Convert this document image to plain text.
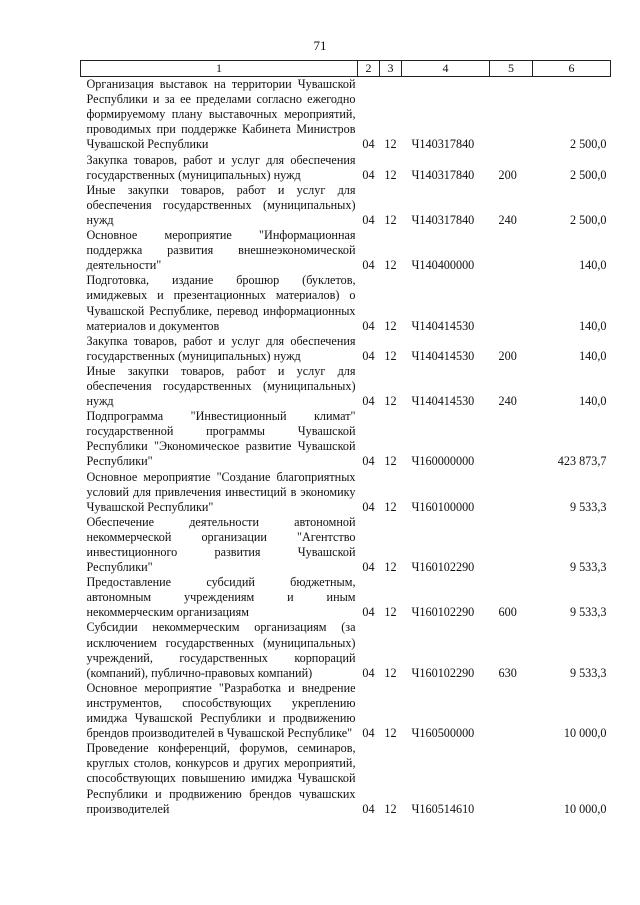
71
1	2	3	4	5	6
Организация выставок на территории Чувашской Республики и за ее пределами согласно ежегодно формируемому плану выставочных мероприятий, проводимых при поддержке Кабинета Министров Чувашской Республики	04	12	Ч140317840		2 500,0
Закупка товаров, работ и услуг для обеспечения государственных (муниципальных) нужд	04	12	Ч140317840	200	2 500,0
Иные закупки товаров, работ и услуг для обеспечения государственных (муниципальных) нужд	04	12	Ч140317840	240	2 500,0
Основное мероприятие "Информационная поддержка развития внешнеэкономической деятельности"	04	12	Ч140400000		140,0
Подготовка, издание брошюр (буклетов, имиджевых и презентационных материалов) о Чувашской Республике, перевод информационных материалов и документов	04	12	Ч140414530		140,0
Закупка товаров, работ и услуг для обеспечения государственных (муниципальных) нужд	04	12	Ч140414530	200	140,0
Иные закупки товаров, работ и услуг для обеспечения государственных (муниципальных) нужд	04	12	Ч140414530	240	140,0
Подпрограмма "Инвестиционный климат" государственной программы Чувашской Республики "Экономическое развитие Чувашской Республики"	04	12	Ч160000000		423 873,7
Основное мероприятие "Создание благоприятных условий для привлечения инвестиций в экономику Чувашской Республики"	04	12	Ч160100000		9 533,3
Обеспечение деятельности автономной некоммерческой организации "Агентство инвестиционного развития Чувашской Республики"	04	12	Ч160102290		9 533,3
Предоставление субсидий бюджетным, автономным учреждениям и иным некоммерческим организациям	04	12	Ч160102290	600	9 533,3
Субсидии некоммерческим организациям (за исключением государственных (муниципальных) учреждений, государственных корпораций (компаний), публично-правовых компаний)	04	12	Ч160102290	630	9 533,3
Основное мероприятие "Разработка и внедрение инструментов, способствующих укреплению имиджа Чувашской Республики и продвижению брендов производителей в Чувашской Республике"	04	12	Ч160500000		10 000,0
Проведение конференций, форумов, семинаров, круглых столов, конкурсов и других мероприятий, способствующих повышению имиджа Чувашской Республики и продвижению брендов чувашских производителей	04	12	Ч160514610		10 000,0
